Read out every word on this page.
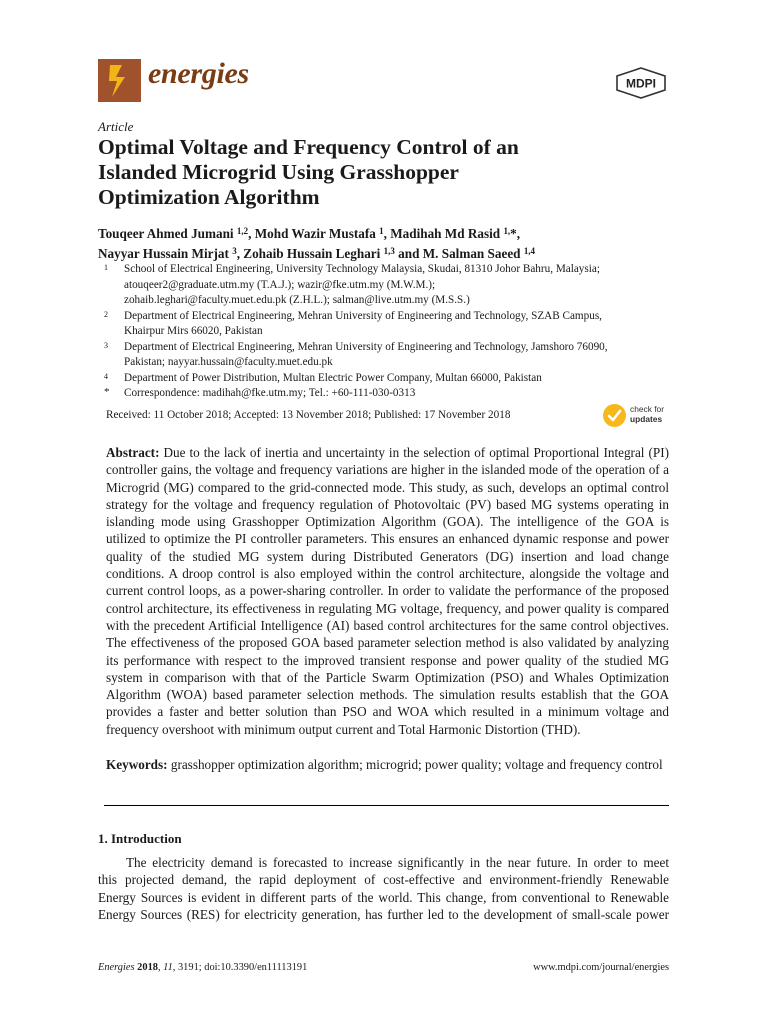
energies	MDPI
Article
Optimal Voltage and Frequency Control of an
Islanded Microgrid Using Grasshopper
Optimization Algorithm
Touqeer Ahmed Jumani $^{1,2}$, Mohd Wazir Mustafa $^1$, Madihah Md Rasid $^{1,}$*,
Nayyar Hussain Mirjat $^3$, Zohaib Hussain Leghari $^{1,3}$ and M. Salman Saeed $^{1,4}$
1 School of Electrical Engineering, University Technology Malaysia, Skudai, 81310 Johor Bahru, Malaysia;
atouqeer2@graduate.utm.my (T.A.J.); wazir@fke.utm.my (M.W.M.);
zohaib.leghari@faculty.muet.edu.pk (Z.H.L.); salman@live.utm.my (M.S.S.)
2 Department of Electrical Engineering, Mehran University of Engineering and Technology, SZAB Campus,
Khairpur Mirs 66020, Pakistan
3 Department of Electrical Engineering, Mehran University of Engineering and Technology, Jamshoro 76090,
Pakistan; nayyar.hussain@faculty.muet.edu.pk
4 Department of Power Distribution, Multan Electric Power Company, Multan 66000, Pakistan
* Correspondence: madihah@fke.utm.my; Tel.: +60-111-030-0313
Received: 11 October 2018; Accepted: 13 November 2018; Published: 17 November 2018	check for
updates
Abstract: Due to the lack of inertia and uncertainty in the selection of optimal Proportional Integral (PI) controller gains, the voltage and frequency variations are higher in the islanded mode of the operation of a Microgrid (MG) compared to the grid-connected mode. This study, as such, develops an optimal control strategy for the voltage and frequency regulation of Photovoltaic (PV) based MG systems operating in islanding mode using Grasshopper Optimization Algorithm (GOA). The intelligence of the GOA is utilized to optimize the PI controller parameters. This ensures an enhanced dynamic response and power quality of the studied MG system during Distributed Generators (DG) insertion and load change conditions. A droop control is also employed within the control architecture, alongside the voltage and current control loops, as a power-sharing controller. In order to validate the performance of the proposed control architecture, its effectiveness in regulating MG voltage, frequency, and power quality is compared with the precedent Artificial Intelligence (AI) based control architectures for the same control objectives. The effectiveness of the proposed GOA based parameter selection method is also validated by analyzing its performance with respect to the improved transient response and power quality of the studied MG system in comparison with that of the Particle Swarm Optimization (PSO) and Whales Optimization Algorithm (WOA) based parameter selection methods. The simulation results establish that the GOA provides a faster and better solution than PSO and WOA which resulted in a minimum voltage and frequency overshoot with minimum output current and Total Harmonic Distortion (THD).
Keywords: grasshopper optimization algorithm; microgrid; power quality; voltage and frequency control
1. Introduction
The electricity demand is forecasted to increase significantly in the near future. In order to meet
this projected demand, the rapid deployment of cost-effective and environment-friendly Renewable
Energy Sources is evident in different parts of the world. This change, from conventional to Renewable
Energy Sources (RES) for electricity generation, has further led to the development of small-scale power
Energies 2018, 11, 3191; doi:10.3390/en11113191	www.mdpi.com/journal/energies
